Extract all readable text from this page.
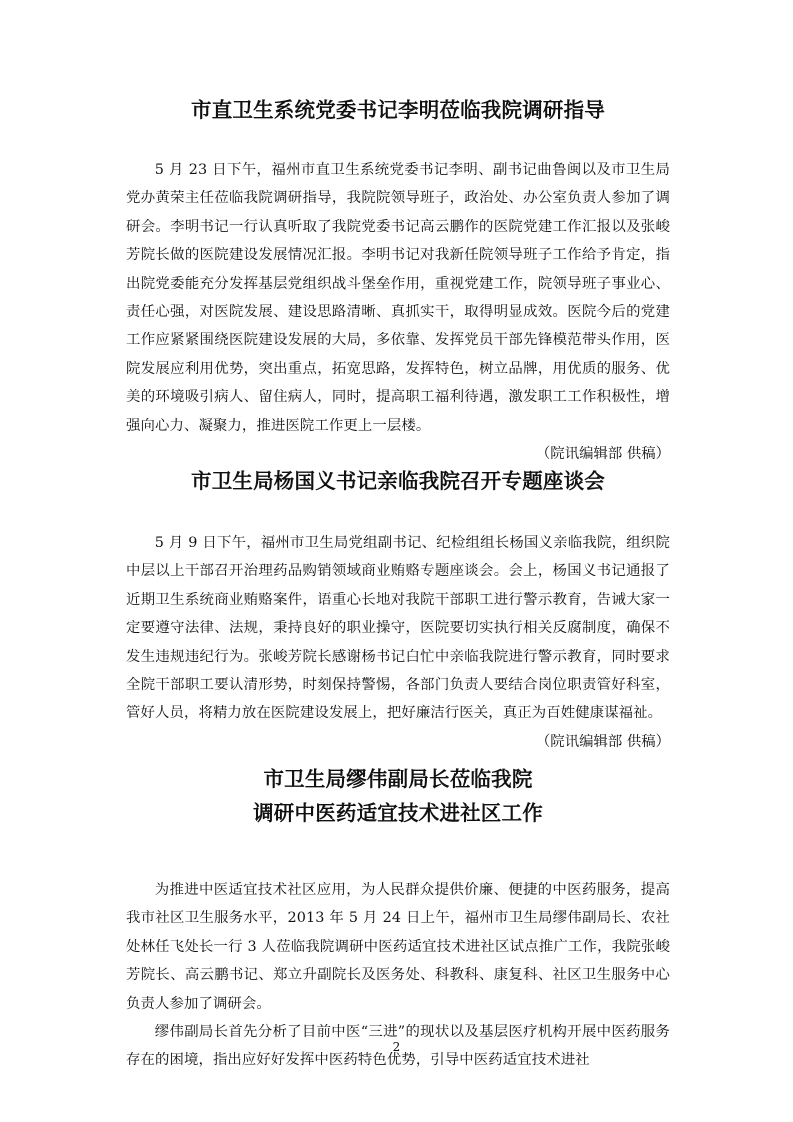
市直卫生系统党委书记李明莅临我院调研指导

5 月 23 日下午，福州市直卫生系统党委书记李明、副书记曲鲁闽以及市卫生局党办黄荣主任莅临我院调研指导，我院院领导班子，政治处、办公室负责人参加了调研会。李明书记一行认真听取了我院党委书记高云鹏作的医院党建工作汇报以及张峻芳院长做的医院建设发展情况汇报。李明书记对我新任院领导班子工作给予肯定，指出院党委能充分发挥基层党组织战斗堡垒作用，重视党建工作，院领导班子事业心、责任心强，对医院发展、建设思路清晰、真抓实干，取得明显成效。医院今后的党建工作应紧紧围绕医院建设发展的大局，多依靠、发挥党员干部先锋模范带头作用，医院发展应利用优势，突出重点，拓宽思路，发挥特色，树立品牌，用优质的服务、优美的环境吸引病人、留住病人，同时，提高职工福利待遇，激发职工工作积极性，增强向心力、凝聚力，推进医院工作更上一层楼。

（院讯编辑部 供稿）

市卫生局杨国义书记亲临我院召开专题座谈会

5 月 9 日下午，福州市卫生局党组副书记、纪检组组长杨国义亲临我院，组织院中层以上干部召开治理药品购销领域商业贿赂专题座谈会。会上，杨国义书记通报了近期卫生系统商业贿赂案件，语重心长地对我院干部职工进行警示教育，告诫大家一定要遵守法律、法规，秉持良好的职业操守，医院要切实执行相关反腐制度，确保不发生违规违纪行为。张峻芳院长感谢杨书记白忙中亲临我院进行警示教育，同时要求全院干部职工要认清形势，时刻保持警惕，各部门负责人要结合岗位职责管好科室，管好人员，将精力放在医院建设发展上，把好廉洁行医关，真正为百姓健康谋福祉。

（院讯编辑部 供稿）

市卫生局缪伟副局长莅临我院
调研中医药适宜技术进社区工作

为推进中医适宜技术社区应用，为人民群众提供价廉、便捷的中医药服务，提高我市社区卫生服务水平，2013 年 5 月 24 日上午，福州市卫生局缪伟副局长、农社处林任飞处长一行 3 人莅临我院调研中医药适宜技术进社区试点推广工作，我院张峻芳院长、高云鹏书记、郑立升副院长及医务处、科教科、康复科、社区卫生服务中心负责人参加了调研会。

缪伟副局长首先分析了目前中医“三进”的现状以及基层医疗机构开展中医药服务存在的困境，指出应好好发挥中医药特色优势，引导中医药适宜技术进社

2
